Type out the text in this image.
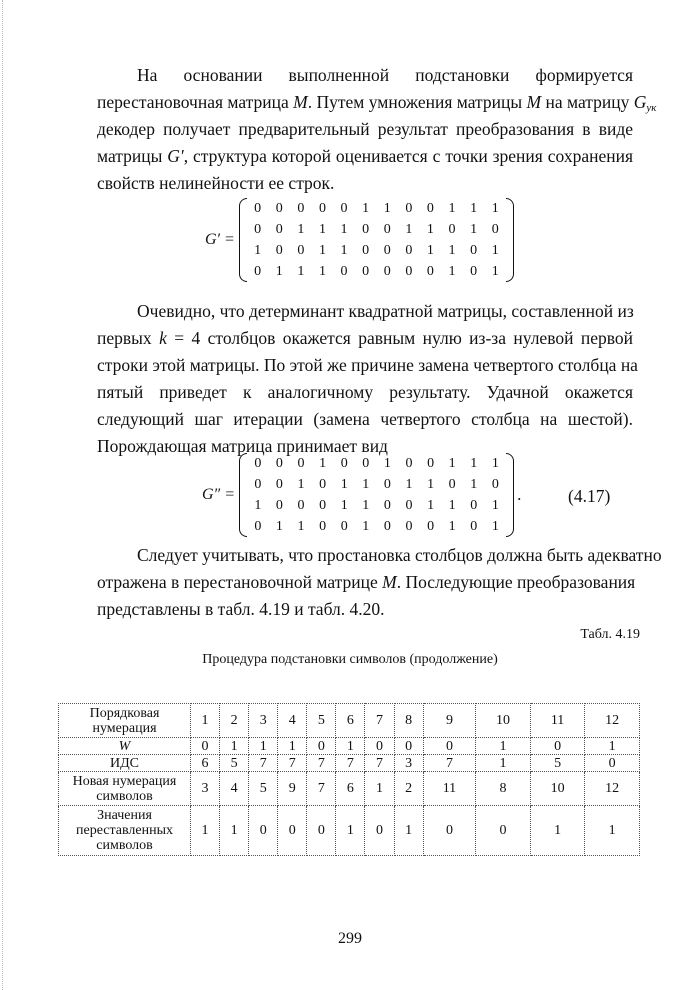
На основании выполненной подстановки формируется
перестановочная матрица M. Путем умножения матрицы M на матрицу $G_{ук}$
декодер получает предварительный результат преобразования в виде
матрицы G′, структура которой оценивается с точки зрения сохранения
свойств нелинейности ее строк.
Очевидно, что детерминант квадратной матрицы, составленной из
первых k = 4 столбцов окажется равным нулю из-за нулевой первой
строки этой матрицы. По этой же причине замена четвертого столбца на
пятый приведет к аналогичному результату. Удачной окажется
следующий шаг итерации (замена четвертого столбца на шестой).
Порождающая матрица принимает вид
Следует учитывать, что простановка столбцов должна быть адекватно
отражена в перестановочной матрице M. Последующие преобразования
представлены в табл. 4.19 и табл. 4.20.
G′ =
0	0	0	0	0	1	1	0	0	1	1	1
0	0	1	1	1	0	0	1	1	0	1	0
1	0	0	1	1	0	0	0	1	1	0	1
0	1	1	1	0	0	0	0	0	1	0	1
G″ =
0	0	0	1	0	0	1	0	0	1	1	1
0	0	1	0	1	1	0	1	1	0	1	0
1	0	0	0	1	1	0	0	1	1	0	1
0	1	1	0	0	1	0	0	0	1	0	1
.	(4.17)
Табл. 4.19
Процедура подстановки символов (продолжение)
Порядковая нумерация	1	2	3	4	5	6	7	8	9	10	11	12
W	0	1	1	1	0	1	0	0	0	1	0	1
ИДС	6	5	7	7	7	7	7	3	7	1	5	0
Новая нумерация символов	3	4	5	9	7	6	1	2	11	8	10	12
Значения переставленных символов	1	1	0	0	0	1	0	1	0	0	1	1
299
